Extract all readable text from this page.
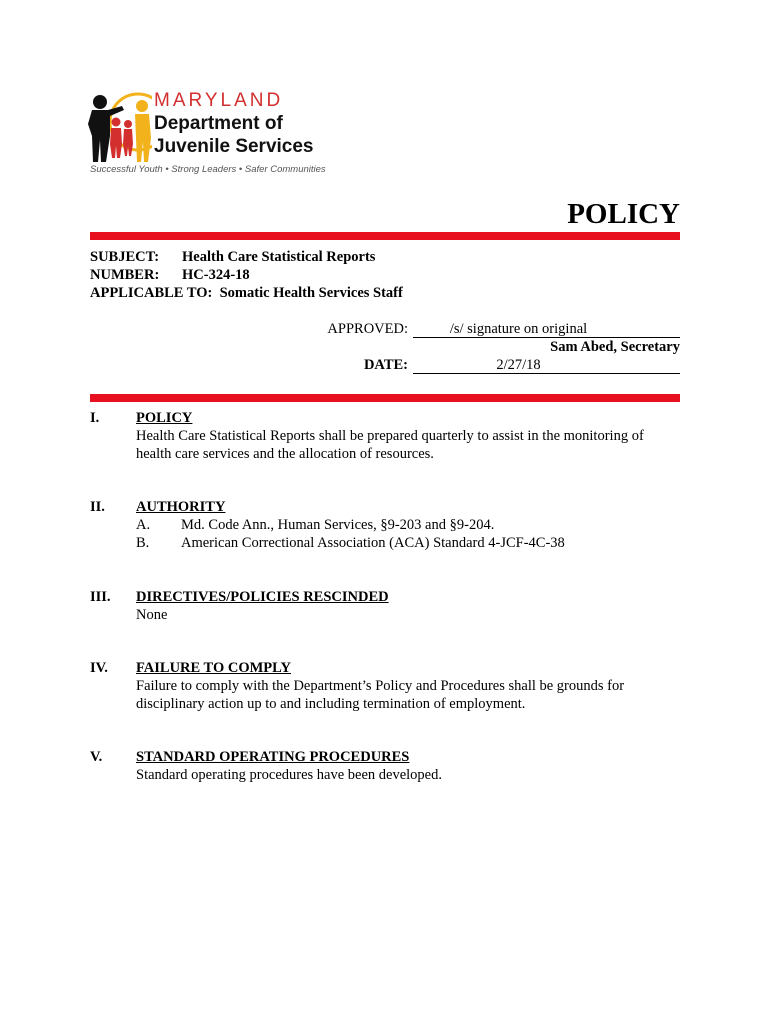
MARYLAND
Department of
Juvenile Services
Successful Youth • Strong Leaders • Safer Communities
POLICY
SUBJECT: Health Care Statistical Reports
NUMBER: HC-324-18
APPLICABLE TO: Somatic Health Services Staff
APPROVED:	/s/ signature on original
Sam Abed, Secretary
DATE:	2/27/18
I.	POLICY
Health Care Statistical Reports shall be prepared quarterly to assist in the monitoring of
health care services and the allocation of resources.
II.	AUTHORITY
A. Md. Code Ann., Human Services, §9-203 and §9-204.
B. American Correctional Association (ACA) Standard 4-JCF-4C-38
III.	DIRECTIVES/POLICIES RESCINDED
None
IV.	FAILURE TO COMPLY
Failure to comply with the Department’s Policy and Procedures shall be grounds for
disciplinary action up to and including termination of employment.
V.	STANDARD OPERATING PROCEDURES
Standard operating procedures have been developed.
